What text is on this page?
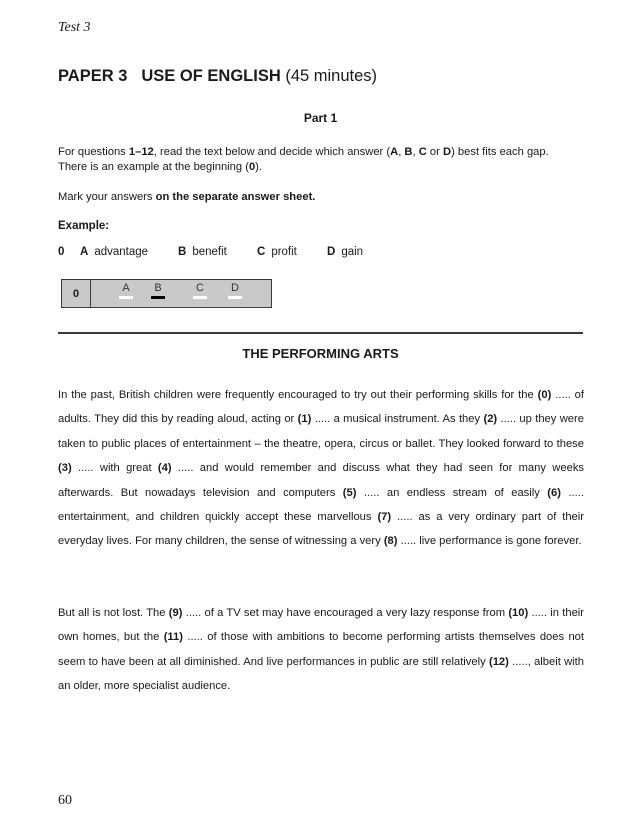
Test 3
PAPER 3 USE OF ENGLISH (45 minutes)
Part 1
For questions 1–12, read the text below and decide which answer (A, B, C or D) best fits each gap.
There is an example at the beginning (0).
Mark your answers on the separate answer sheet.
Example:
0 A advantage	B benefit	C profit	D gain
0	A	B	C	D
THE PERFORMING ARTS
In the past, British children were frequently encouraged to try out their performing skills for the (0) ..... of adults. They did this by reading aloud, acting or (1) ..... a musical instrument. As they (2) ..... up they were taken to public places of entertainment – the theatre, opera, circus or ballet. They looked forward to these (3) ..... with great (4) ..... and would remember and discuss what they had seen for many weeks afterwards. But nowadays television and computers (5) ..... an endless stream of easily (6) ..... entertainment, and children quickly accept these marvellous (7) ..... as a very ordinary part of their everyday lives. For many children, the sense of witnessing a very (8) ..... live performance is gone forever.
But all is not lost. The (9) ..... of a TV set may have encouraged a very lazy response from (10) ..... in their own homes, but the (11) ..... of those with ambitions to become performing artists themselves does not seem to have been at all diminished. And live performances in public are still relatively (12) ....., albeit with an older, more specialist audience.
60
